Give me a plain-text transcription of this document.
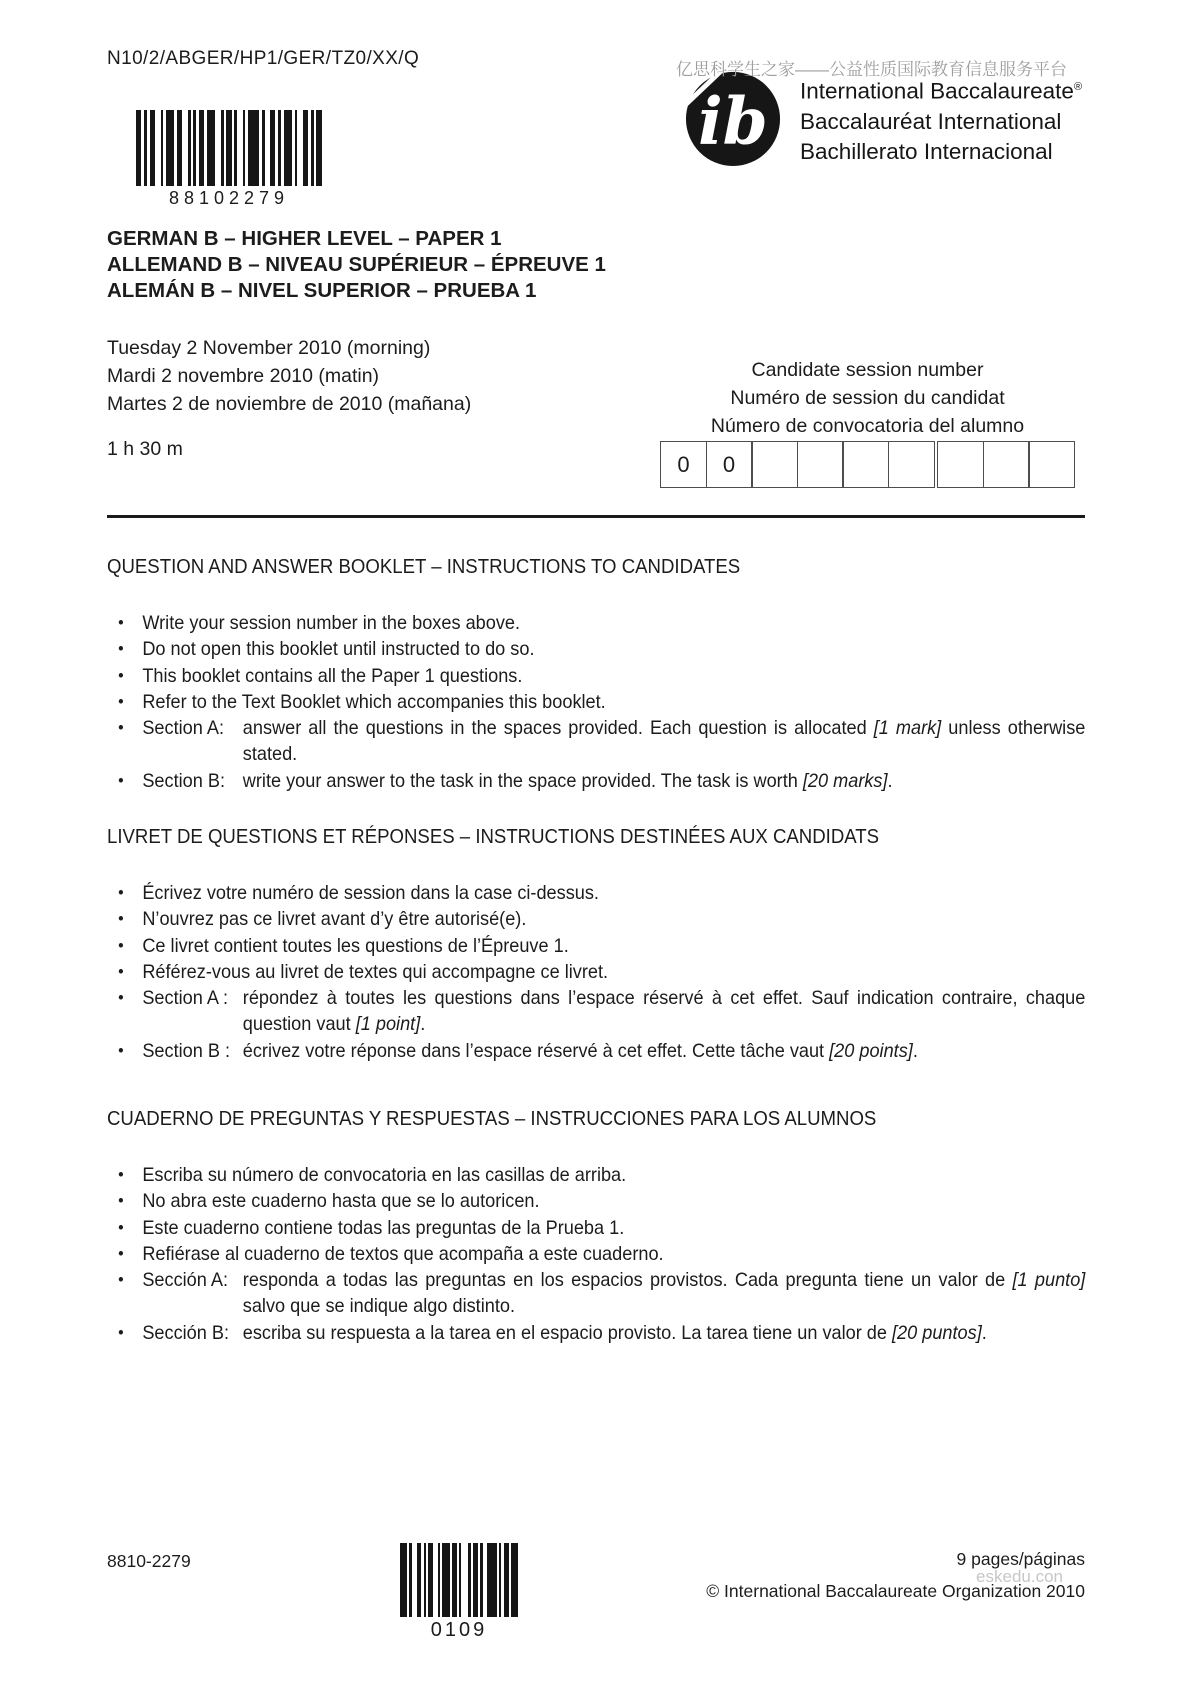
N10/2/ABGER/HP1/GER/TZ0/XX/Q
88102279
亿思科学生之家——公益性质国际教育信息服务平台
ib International Baccalaureate®
Baccalauréat International
Bachillerato Internacional
GERMAN B – HIGHER LEVEL – PAPER 1
ALLEMAND B – NIVEAU SUPÉRIEUR – ÉPREUVE 1
ALEMÁN B – NIVEL SUPERIOR – PRUEBA 1
Tuesday 2 November 2010 (morning)
Mardi 2 novembre 2010 (matin)
Martes 2 de noviembre de 2010 (mañana)
Candidate session number
Numéro de session du candidat
Número de convocatoria del alumno
0	0
1 h 30 m
QUESTION AND ANSWER BOOKLET – INSTRUCTIONS TO CANDIDATES
• Write your session number in the boxes above.
• Do not open this booklet until instructed to do so.
• This booklet contains all the Paper 1 questions.
• Refer to the Text Booklet which accompanies this booklet.
• Section A: answer all the questions in the spaces provided. Each question is allocated [1 mark] unless otherwise stated.
• Section B: write your answer to the task in the space provided. The task is worth [20 marks].
LIVRET DE QUESTIONS ET RÉPONSES – INSTRUCTIONS DESTINÉES AUX CANDIDATS
• Écrivez votre numéro de session dans la case ci-dessus.
• N’ouvrez pas ce livret avant d’y être autorisé(e).
• Ce livret contient toutes les questions de l’Épreuve 1.
• Référez-vous au livret de textes qui accompagne ce livret.
• Section A : répondez à toutes les questions dans l’espace réservé à cet effet. Sauf indication contraire, chaque question vaut [1 point].
• Section B : écrivez votre réponse dans l’espace réservé à cet effet. Cette tâche vaut [20 points].
CUADERNO DE PREGUNTAS Y RESPUESTAS – INSTRUCCIONES PARA LOS ALUMNOS
• Escriba su número de convocatoria en las casillas de arriba.
• No abra este cuaderno hasta que se lo autoricen.
• Este cuaderno contiene todas las preguntas de la Prueba 1.
• Refiérase al cuaderno de textos que acompaña a este cuaderno.
• Sección A: responda a todas las preguntas en los espacios provistos. Cada pregunta tiene un valor de [1 punto] salvo que se indique algo distinto.
• Sección B: escriba su respuesta a la tarea en el espacio provisto. La tarea tiene un valor de [20 puntos].
8810-2279
0109
9 pages/páginas
eskedu.con
© International Baccalaureate Organization 2010
